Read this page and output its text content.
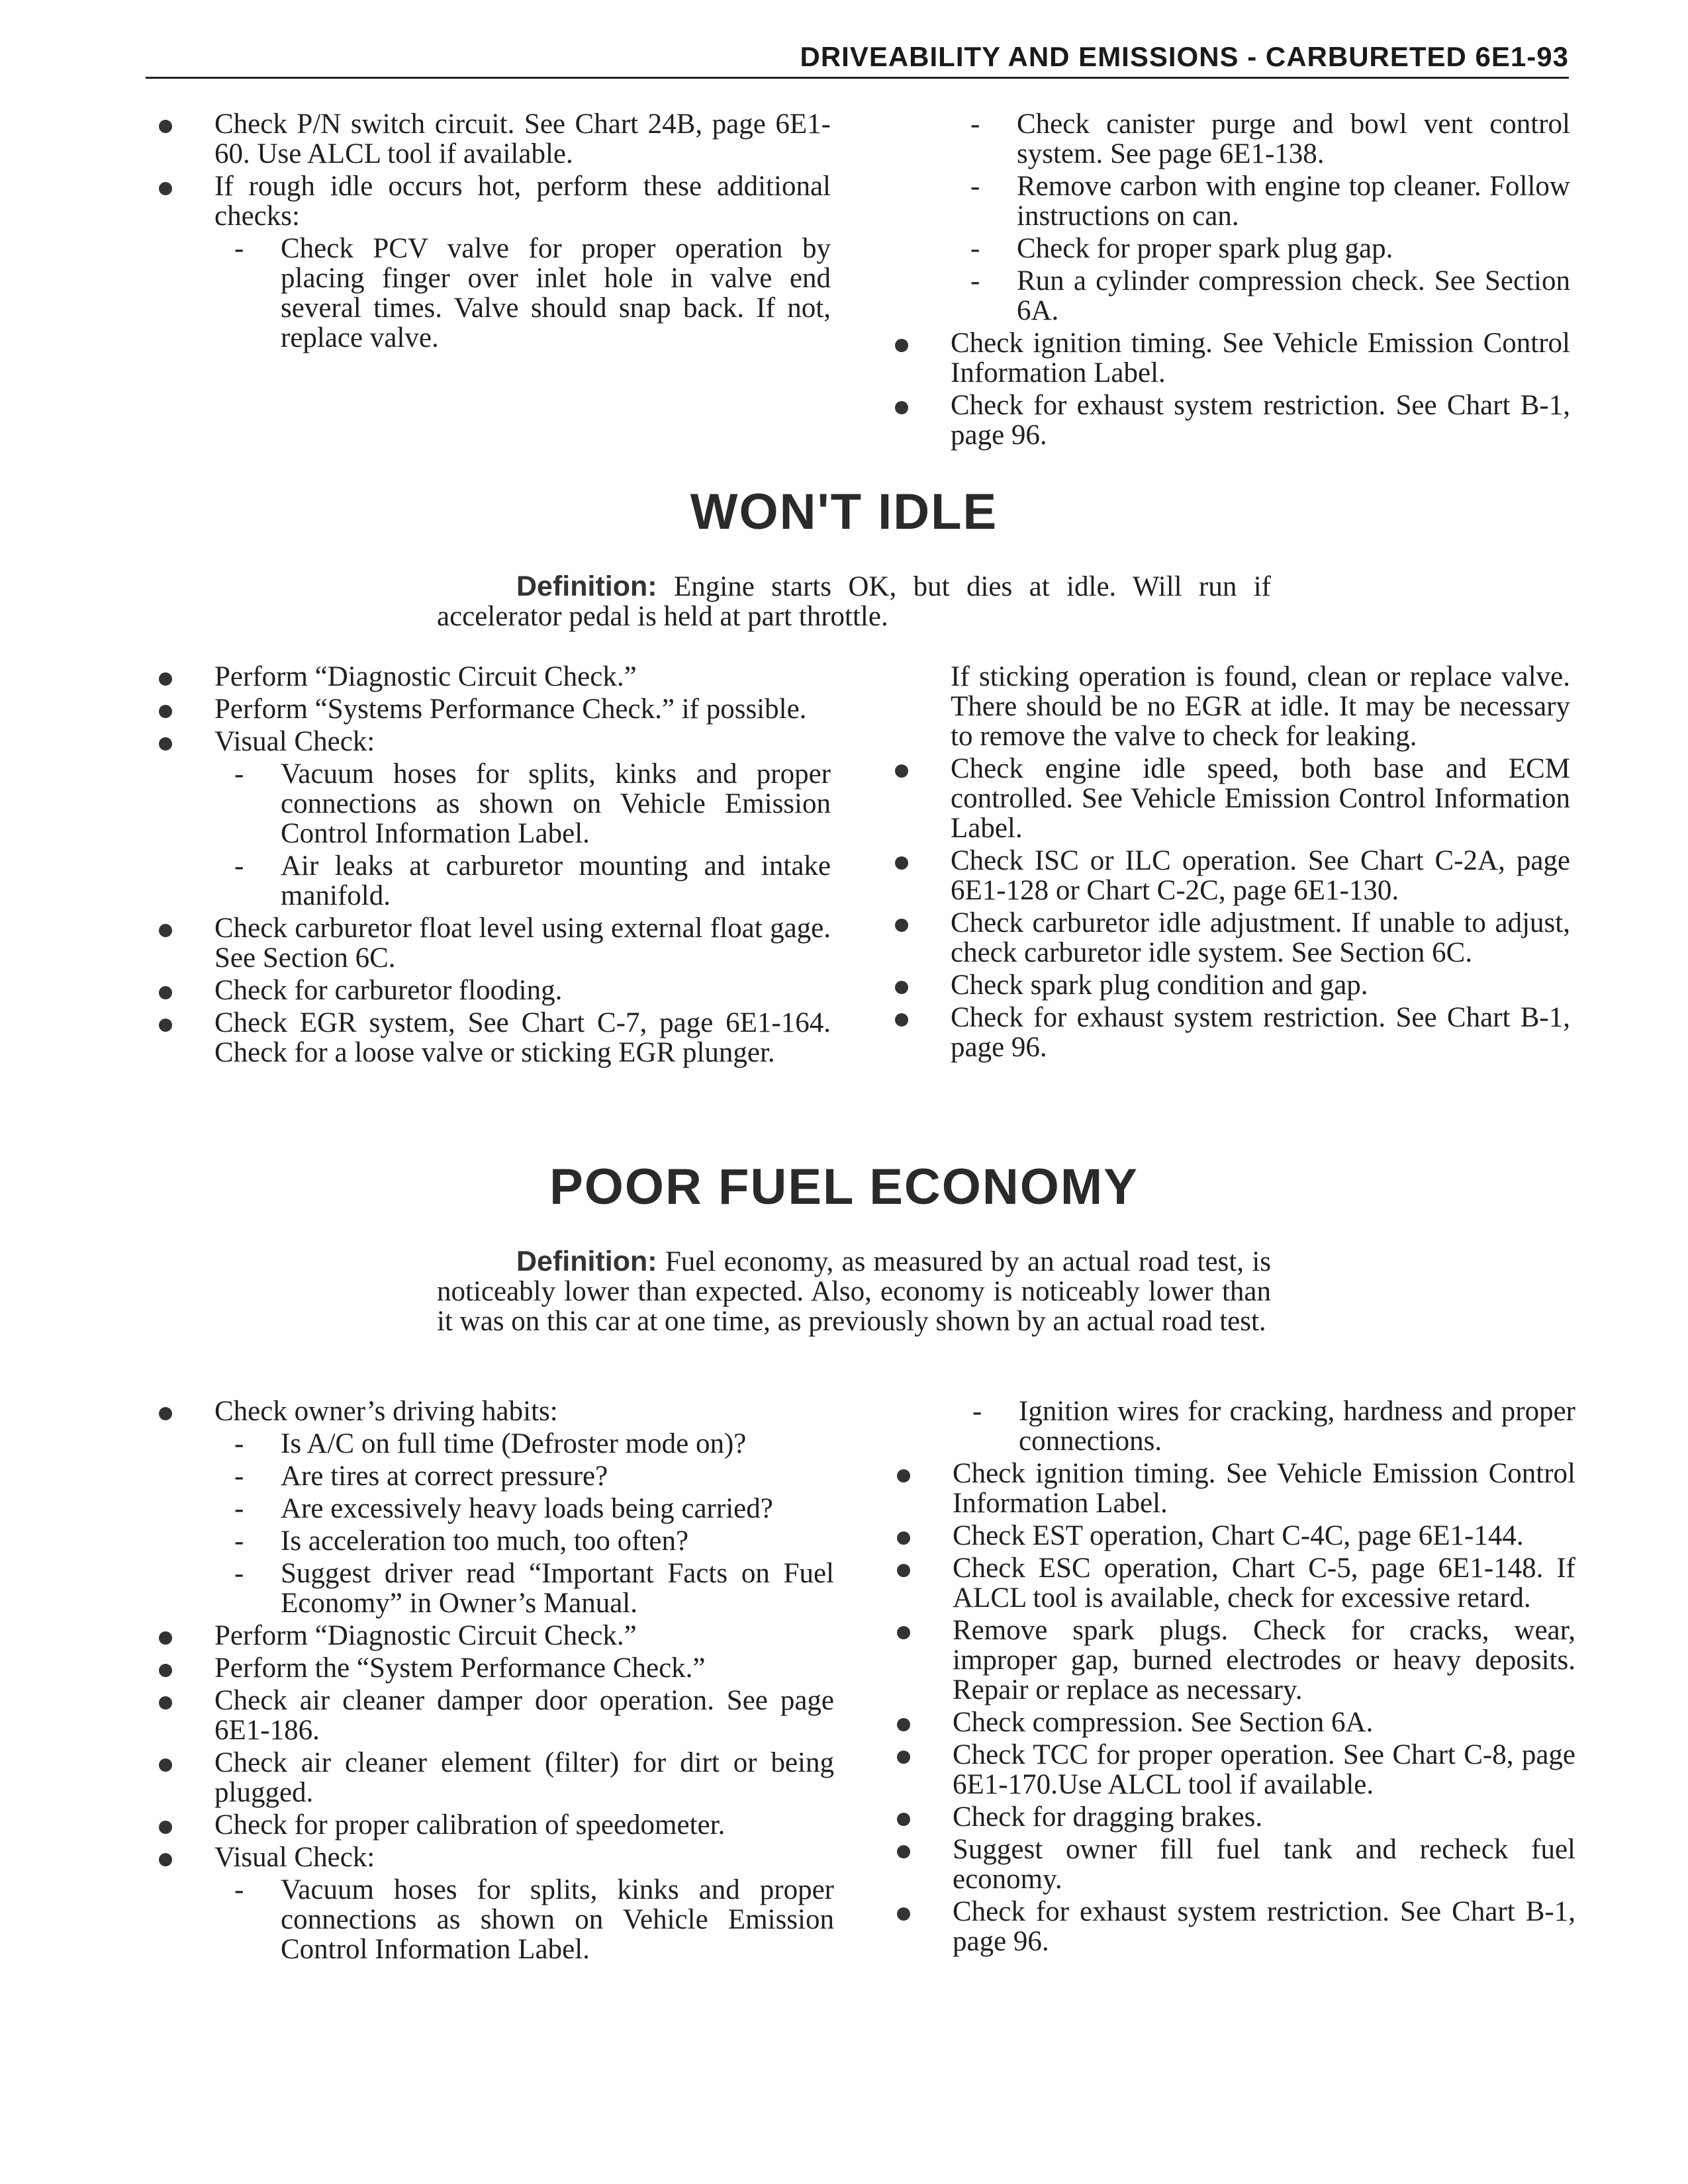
DRIVEABILITY AND EMISSIONS - CARBURETED 6E1-93
Check P/N switch circuit. See Chart 24B, page 6E1-60. Use ALCL tool if available.
If rough idle occurs hot, perform these additional checks:
- Check PCV valve for proper operation by placing finger over inlet hole in valve end several times. Valve should snap back. If not, replace valve.
- Check canister purge and bowl vent control system. See page 6E1-138.
- Remove carbon with engine top cleaner. Follow instructions on can.
- Check for proper spark plug gap.
- Run a cylinder compression check. See Section 6A.
Check ignition timing. See Vehicle Emission Control Information Label.
Check for exhaust system restriction. See Chart B-1, page 96.
WON'T IDLE
Definition: Engine starts OK, but dies at idle. Will run if accelerator pedal is held at part throttle.
Perform “Diagnostic Circuit Check.”
Perform “Systems Performance Check.” if possible.
Visual Check:
- Vacuum hoses for splits, kinks and proper connections as shown on Vehicle Emission Control Information Label.
- Air leaks at carburetor mounting and intake manifold.
Check carburetor float level using external float gage. See Section 6C.
Check for carburetor flooding.
Check EGR system, See Chart C-7, page 6E1-164. Check for a loose valve or sticking EGR plunger.
If sticking operation is found, clean or replace valve. There should be no EGR at idle. It may be necessary to remove the valve to check for leaking.
Check engine idle speed, both base and ECM controlled. See Vehicle Emission Control Information Label.
Check ISC or ILC operation. See Chart C-2A, page 6E1-128 or Chart C-2C, page 6E1-130.
Check carburetor idle adjustment. If unable to adjust, check carburetor idle system. See Section 6C.
Check spark plug condition and gap.
Check for exhaust system restriction. See Chart B-1, page 96.
POOR FUEL ECONOMY
Definition: Fuel economy, as measured by an actual road test, is noticeably lower than expected. Also, economy is noticeably lower than it was on this car at one time, as previously shown by an actual road test.
Check owner’s driving habits:
- Is A/C on full time (Defroster mode on)?
- Are tires at correct pressure?
- Are excessively heavy loads being carried?
- Is acceleration too much, too often?
- Suggest driver read “Important Facts on Fuel Economy” in Owner’s Manual.
Perform “Diagnostic Circuit Check.”
Perform the “System Performance Check.”
Check air cleaner damper door operation. See page 6E1-186.
Check air cleaner element (filter) for dirt or being plugged.
Check for proper calibration of speedometer.
Visual Check:
- Vacuum hoses for splits, kinks and proper connections as shown on Vehicle Emission Control Information Label.
- Ignition wires for cracking, hardness and proper connections.
Check ignition timing. See Vehicle Emission Control Information Label.
Check EST operation, Chart C-4C, page 6E1-144.
Check ESC operation, Chart C-5, page 6E1-148. If ALCL tool is available, check for excessive retard.
Remove spark plugs. Check for cracks, wear, improper gap, burned electrodes or heavy deposits. Repair or replace as necessary.
Check compression. See Section 6A.
Check TCC for proper operation. See Chart C-8, page 6E1-170.Use ALCL tool if available.
Check for dragging brakes.
Suggest owner fill fuel tank and recheck fuel economy.
Check for exhaust system restriction. See Chart B-1, page 96.
